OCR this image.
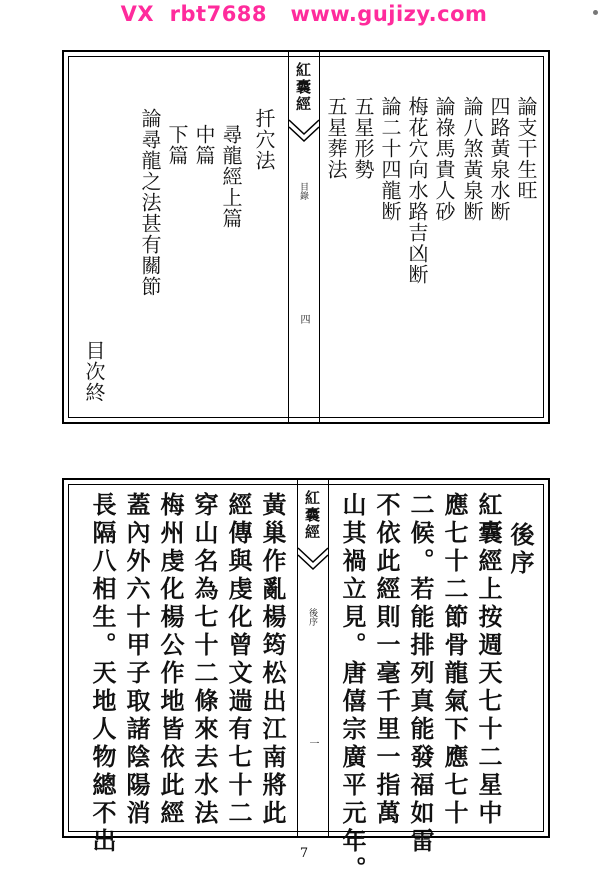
VX  rbt7688   www.gujizy.com
論支干生旺
四路黃泉水断
論八煞黃泉断
論祿馬貴人砂
梅花穴向水路吉凶断
論二十四龍断
五星形勢
五星葬法
紅囊經
目錄
四
扦穴法
尋龍經上篇
中篇
下篇
論尋龍之法甚有關節
目次終
後序
紅囊經上按週天七十二星中
應七十二節骨龍氣下應七十
二候。若能排列真能發福如雷
不依此經則一毫千里一指萬
山其禍立見。唐僖宗廣平元年。
紅囊經
後序
一
黃巢作亂楊筠松出江南將此
經傳與虔化曾文遄有七十二
穿山名為七十二條來去水法
梅州虔化楊公作地皆依此經
蓋內外六十甲子取諸陰陽消
長隔八相生。天地人物總不出	7
